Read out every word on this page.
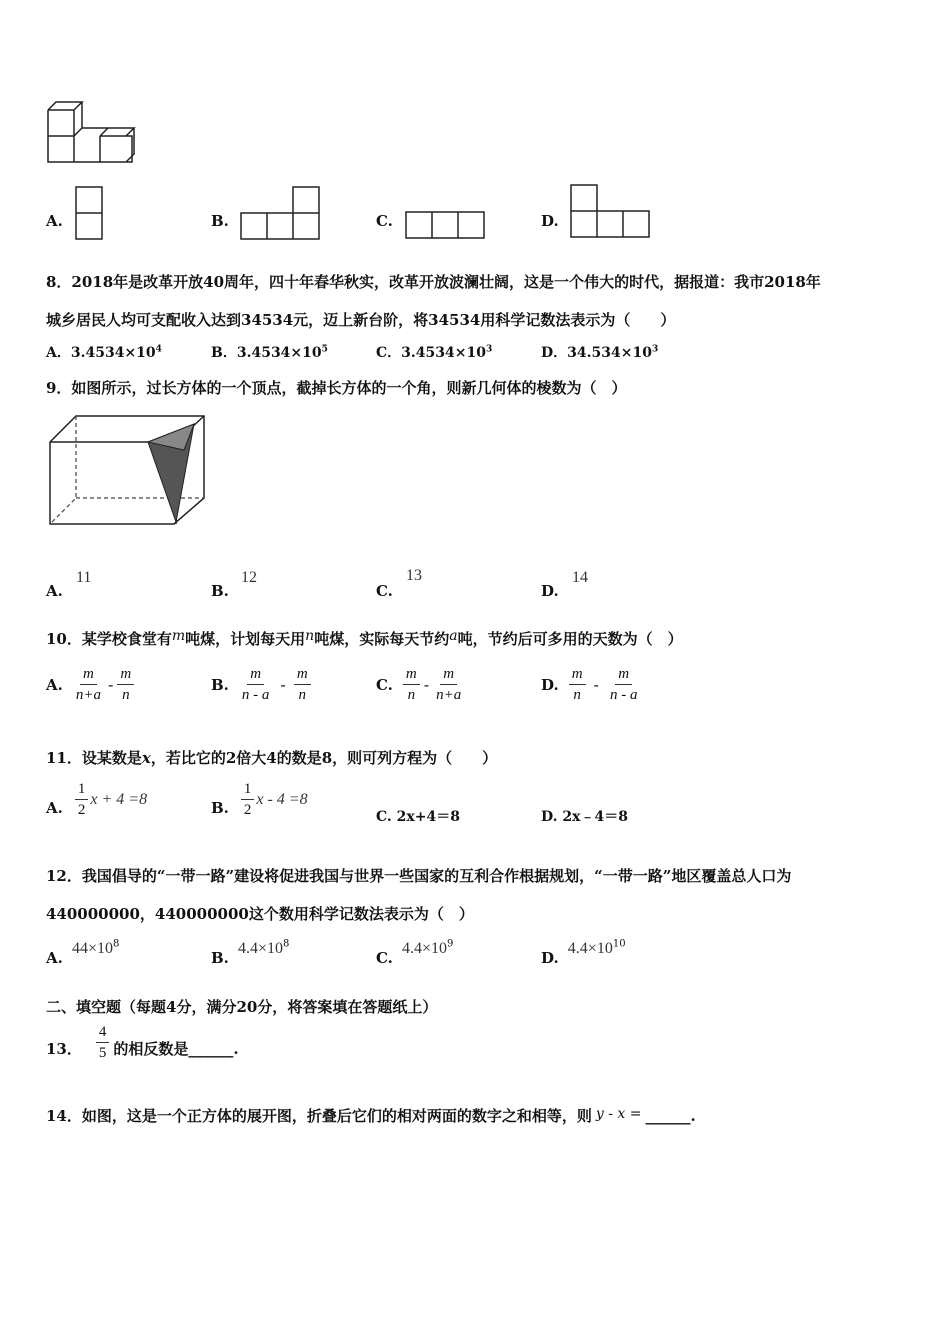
A.	B.	C.	D.
8．2018年是改革开放40周年，四十年春华秋实，改革开放波澜壮阔，这是一个伟大的时代，据报道：我市2018年
城乡居民人均可支配收入达到34534元，迈上新台阶，将34534用科学记数法表示为（　　）
A．$3.4534\times 10^4$	B．$3.4534\times 10^5$	C．$3.4534\times 10^3$	D．$34.534\times 10^3$
9．如图所示，过长方体的一个顶点，截掉长方体的一个角，则新几何体的棱数为（　）
A.
11
B.
12
C.
13
D.
14
10．某学校食堂有m吨煤，计划每天用n吨煤，实际每天节约a吨，节约后可多用的天数为（　）
A. $\frac{m}{n+a} - \frac{m}{n}$	B. $\frac{m}{n - a} - \frac{m}{n}$	C. $\frac{m}{n} - \frac{m}{n+a}$	D. $\frac{m}{n} - \frac{m}{n - a}$
11．设某数是x，若比它的2倍大4的数是8，则可列方程为（　　）
A. $\frac{1}{2}$ x + 4 =8	B. $\frac{1}{2}$ x - 4 =8
C. 2x+4＝8	D. 2x﹣4＝8
12．我国倡导的“一带一路”建设将促进我国与世界一些国家的互利合作根据规划，“一带一路”地区覆盖总人口为
440000000，440000000这个数用科学记数法表示为（　）
A. $44\times 10^8$
B. $4.4\times 10^8$
C. $4.4\times 10^9$
D. $4.4\times 10^{10}$
二、填空题（每题4分，满分20分，将答案填在答题纸上）
13． $\frac{4}{5}$ 的相反数是______.
14．如图，这是一个正方体的展开图，折叠后它们的相对两面的数字之和相等，则 y - x = ______.
